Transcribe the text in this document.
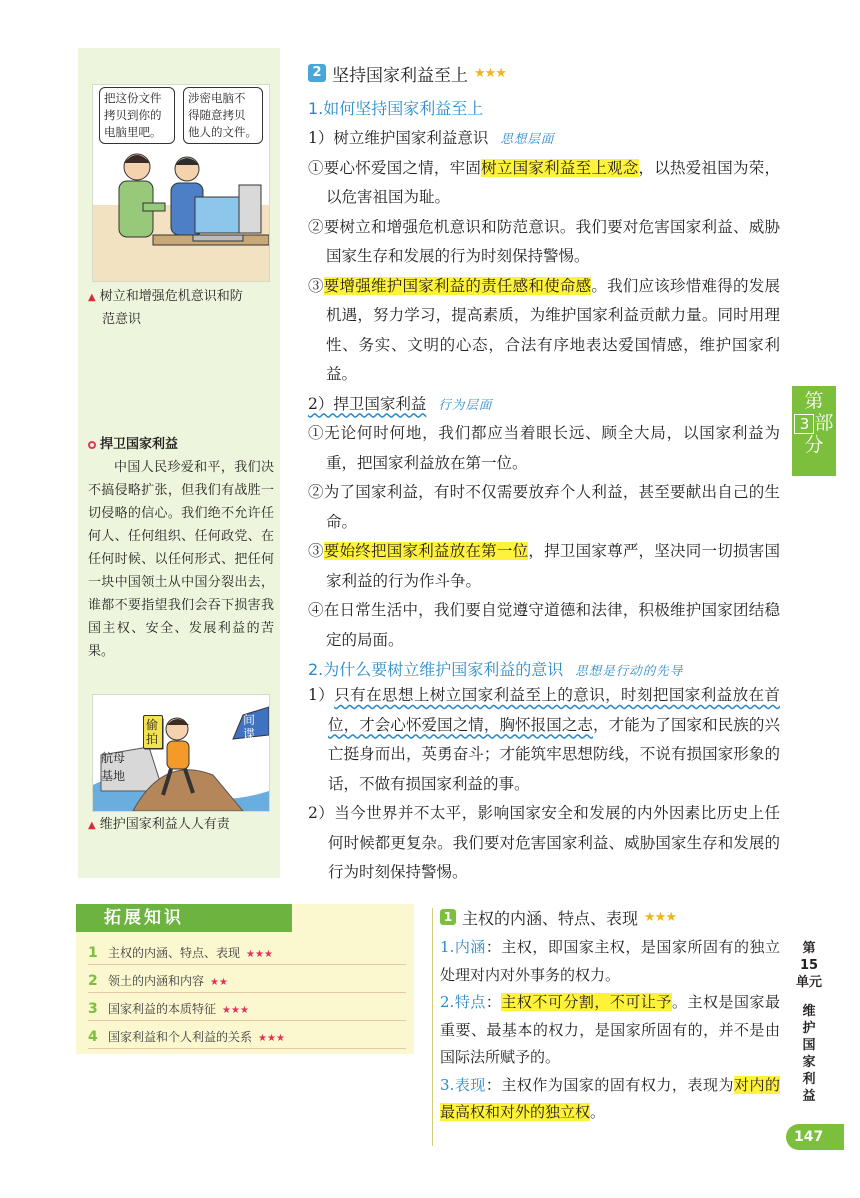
把这份文件
拷贝到你的
电脑里吧。
涉密电脑不
得随意拷贝
他人的文件。
▲ 树立和增强危机意识和防
范意识
捍卫国家利益
中国人民珍爱和平，我们决不搞侵略扩张，但我们有战胜一切侵略的信心。我们绝不允许任何人、任何组织、任何政党、在任何时候、以任何形式、把任何一块中国领土从中国分裂出去，谁都不要指望我们会吞下损害我国主权、安全、发展利益的苦果。
偷拍
航母
基地
间谍
▲ 维护国家利益人人有责
2 坚持国家利益至上 ★★★
1.如何坚持国家利益至上
1）树立维护国家利益意识 思想层面
①要心怀爱国之情，牢固树立国家利益至上观念，以热爱祖国为荣，以危害祖国为耻。
②要树立和增强危机意识和防范意识。我们要对危害国家利益、威胁国家生存和发展的行为时刻保持警惕。
③要增强维护国家利益的责任感和使命感。我们应该珍惜难得的发展机遇，努力学习，提高素质，为维护国家利益贡献力量。同时用理性、务实、文明的心态，合法有序地表达爱国情感，维护国家利益。
2）捍卫国家利益 行为层面
①无论何时何地，我们都应当着眼长远、顾全大局，以国家利益为重，把国家利益放在第一位。
②为了国家利益，有时不仅需要放弃个人利益，甚至要献出自己的生命。
③要始终把国家利益放在第一位，捍卫国家尊严，坚决同一切损害国家利益的行为作斗争。
④在日常生活中，我们要自觉遵守道德和法律，积极维护国家团结稳定的局面。
2.为什么要树立维护国家利益的意识 思想是行动的先导
1）只有在思想上树立国家利益至上的意识，时刻把国家利益放在首位，才会心怀爱国之情，胸怀报国之志，才能为了国家和民族的兴亡挺身而出，英勇奋斗；才能筑牢思想防线，不说有损国家形象的话，不做有损国家利益的事。
2）当今世界并不太平，影响国家安全和发展的内外因素比历史上任何时候都更复杂。我们要对危害国家利益、威胁国家生存和发展的行为时刻保持警惕。
第
3 部
分
拓展知识
1 主权的内涵、特点、表现 ★★★
2 领土的内涵和内容 ★★
3 国家利益的本质特征 ★★★
4 国家利益和个人利益的关系 ★★★
1 主权的内涵、特点、表现 ★★★
1.内涵：主权，即国家主权，是国家所固有的独立处理对内对外事务的权力。
2.特点：主权不可分割，不可让予。主权是国家最重要、最基本的权力，是国家所固有的，并不是由国际法所赋予的。
3.表现：主权作为国家的固有权力，表现为对内的最高权和对外的独立权。
第
15
单元
维
护
国
家
利
益
147
